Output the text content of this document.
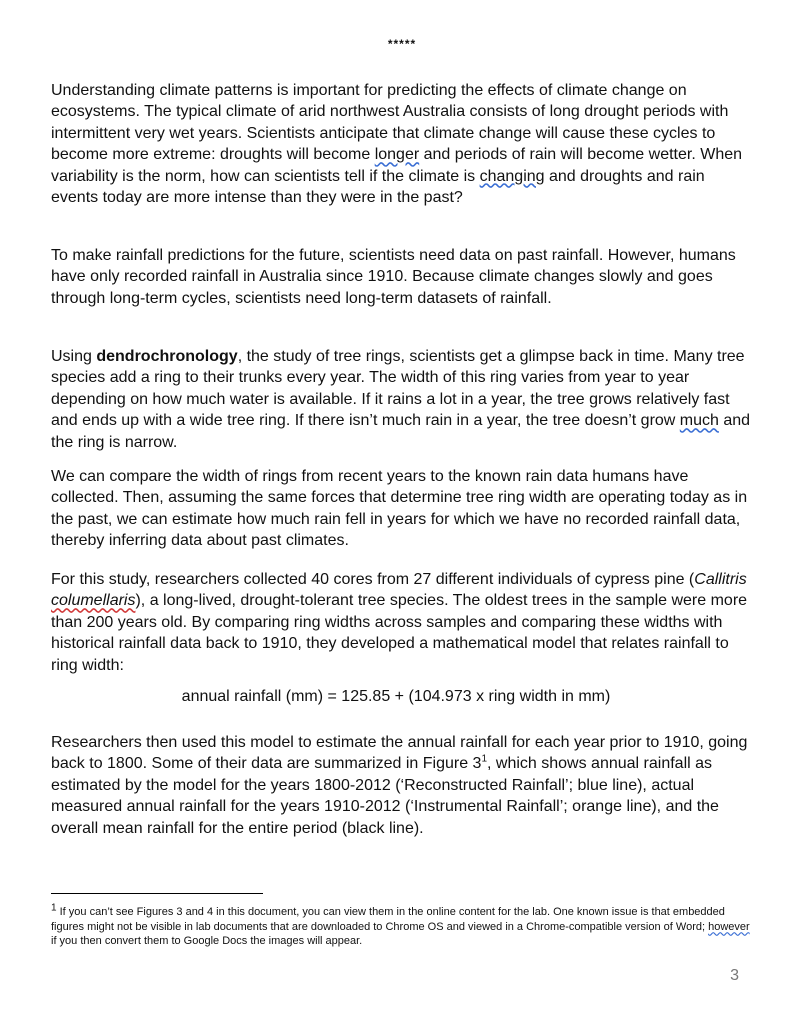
*****

Understanding climate patterns is important for predicting the effects of climate change on ecosystems. The typical climate of arid northwest Australia consists of long drought periods with intermittent very wet years. Scientists anticipate that climate change will cause these cycles to become more extreme: droughts will become longer and periods of rain will become wetter. When variability is the norm, how can scientists tell if the climate is changing and droughts and rain events today are more intense than they were in the past?

To make rainfall predictions for the future, scientists need data on past rainfall. However, humans have only recorded rainfall in Australia since 1910. Because climate changes slowly and goes through long-term cycles, scientists need long-term datasets of rainfall.

Using dendrochronology, the study of tree rings, scientists get a glimpse back in time. Many tree species add a ring to their trunks every year. The width of this ring varies from year to year depending on how much water is available. If it rains a lot in a year, the tree grows relatively fast and ends up with a wide tree ring. If there isn’t much rain in a year, the tree doesn’t grow much and the ring is narrow.

We can compare the width of rings from recent years to the known rain data humans have collected. Then, assuming the same forces that determine tree ring width are operating today as in the past, we can estimate how much rain fell in years for which we have no recorded rainfall data, thereby inferring data about past climates.

For this study, researchers collected 40 cores from 27 different individuals of cypress pine (Callitris columellaris), a long-lived, drought-tolerant tree species. The oldest trees in the sample were more than 200 years old. By comparing ring widths across samples and comparing these widths with historical rainfall data back to 1910, they developed a mathematical model that relates rainfall to ring width:

annual rainfall (mm) = 125.85 + (104.973 x ring width in mm)

Researchers then used this model to estimate the annual rainfall for each year prior to 1910, going back to 1800. Some of their data are summarized in Figure $3^1$, which shows annual rainfall as estimated by the model for the years 1800-2012 (‘Reconstructed Rainfall’; blue line), actual measured annual rainfall for the years 1910-2012 (‘Instrumental Rainfall’; orange line), and the overall mean rainfall for the entire period (black line).

$^1$ If you can’t see Figures 3 and 4 in this document, you can view them in the online content for the lab. One known issue is that embedded figures might not be visible in lab documents that are downloaded to Chrome OS and viewed in a Chrome-compatible version of Word; however if you then convert them to Google Docs the images will appear.

3
